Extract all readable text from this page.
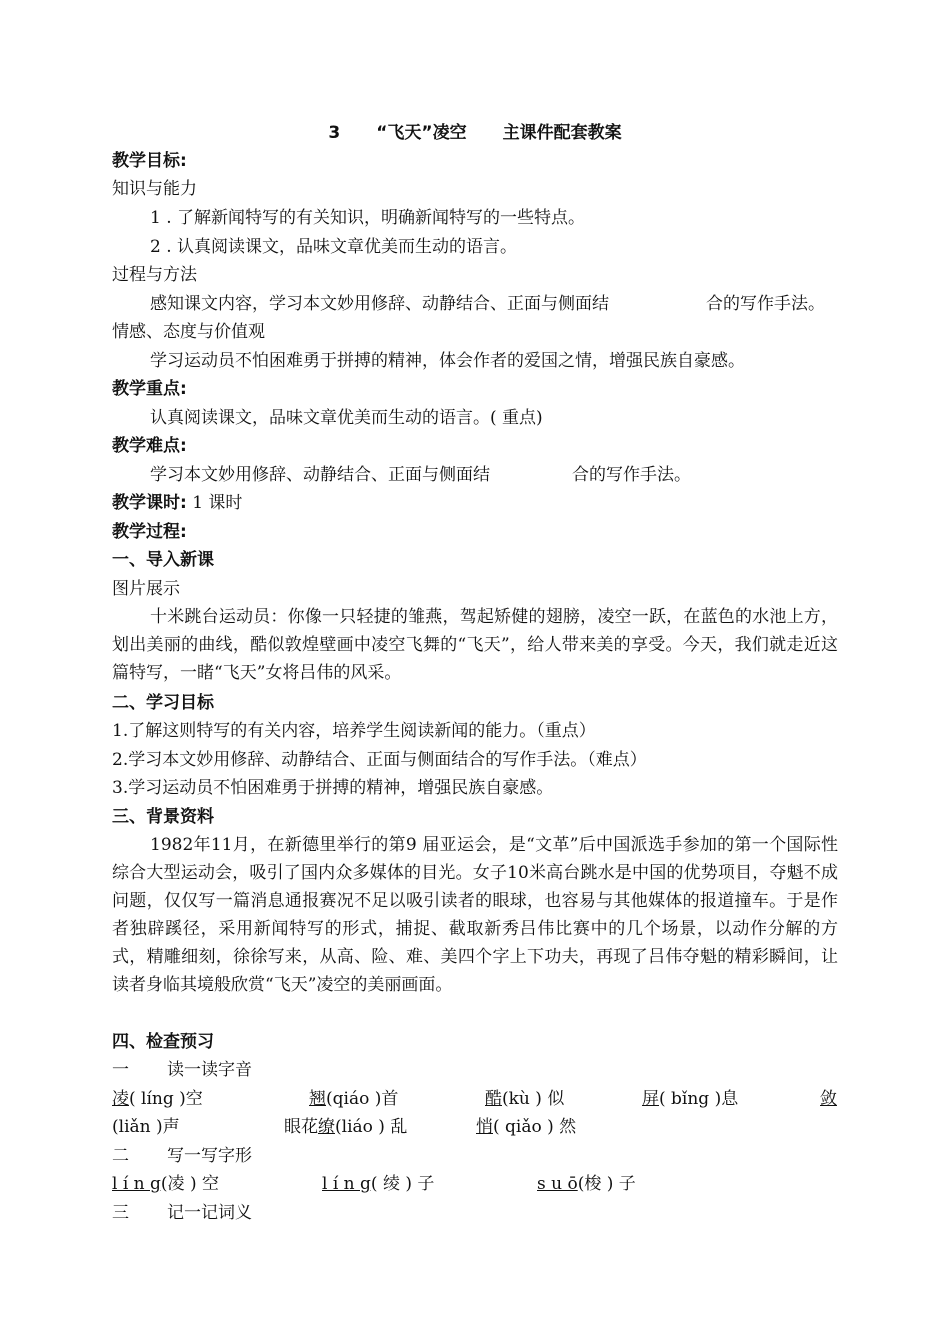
3 “飞天”凌空 主课件配套教案
教学目标:
知识与能力
1 . 了解新闻特写的有关知识，明确新闻特写的一些特点。
2 . 认真阅读课文，品味文章优美而生动的语言。
过程与方法
感知课文内容，学习本文妙用修辞、动静结合、正面与侧面结	合的写作手法。
情感、态度与价值观
学习运动员不怕困难勇于拼搏的精神，体会作者的爱国之情，增强民族自豪感。
教学重点:
认真阅读课文，品味文章优美而生动的语言。( 重点)
教学难点:
学习本文妙用修辞、动静结合、正面与侧面结	合的写作手法。
教学课时: 1 课时
教学过程:
一、导入新课
图片展示
十米跳台运动员：你像一只轻捷的雏燕，驾起矫健的翅膀，凌空一跃，在蓝色的水池上方，划出美丽的曲线，酷似敦煌壁画中凌空飞舞的“飞天”，给人带来美的享受。今天，我们就走近这篇特写，一睹“飞天”女将吕伟的风采。
二、学习目标
1.了解这则特写的有关内容，培养学生阅读新闻的能力。（重点）
2.学习本文妙用修辞、动静结合、正面与侧面结合的写作手法。（难点）
3.学习运动员不怕困难勇于拼搏的精神，增强民族自豪感。
三、背景资料
1982年11月，在新德里举行的第9 届亚运会，是“文革”后中国派选手参加的第一个国际性综合大型运动会，吸引了国内众多媒体的目光。女子10米高台跳水是中国的优势项目，夺魁不成问题，仅仅写一篇消息通报赛况不足以吸引读者的眼球，也容易与其他媒体的报道撞车。于是作者独辟蹊径，采用新闻特写的形式，捕捉、截取新秀吕伟比赛中的几个场景，以动作分解的方式，精雕细刻，徐徐写来，从高、险、难、美四个字上下功夫，再现了吕伟夺魁的精彩瞬间，让读者身临其境般欣赏“飞天”凌空的美丽画面。
四、检查预习
一 读一读字音
凌( líng )空	翘(qiáo )首	酷(kù ) 似	屏( bǐng )息	敛
(liǎn )声	眼花缭(liáo ) 乱	悄( qiǎo ) 然
二 写一写字形
l í n g(凌 ) 空	l í n g( 绫 ) 子	s u ō(梭 ) 子
三 记一记词义
